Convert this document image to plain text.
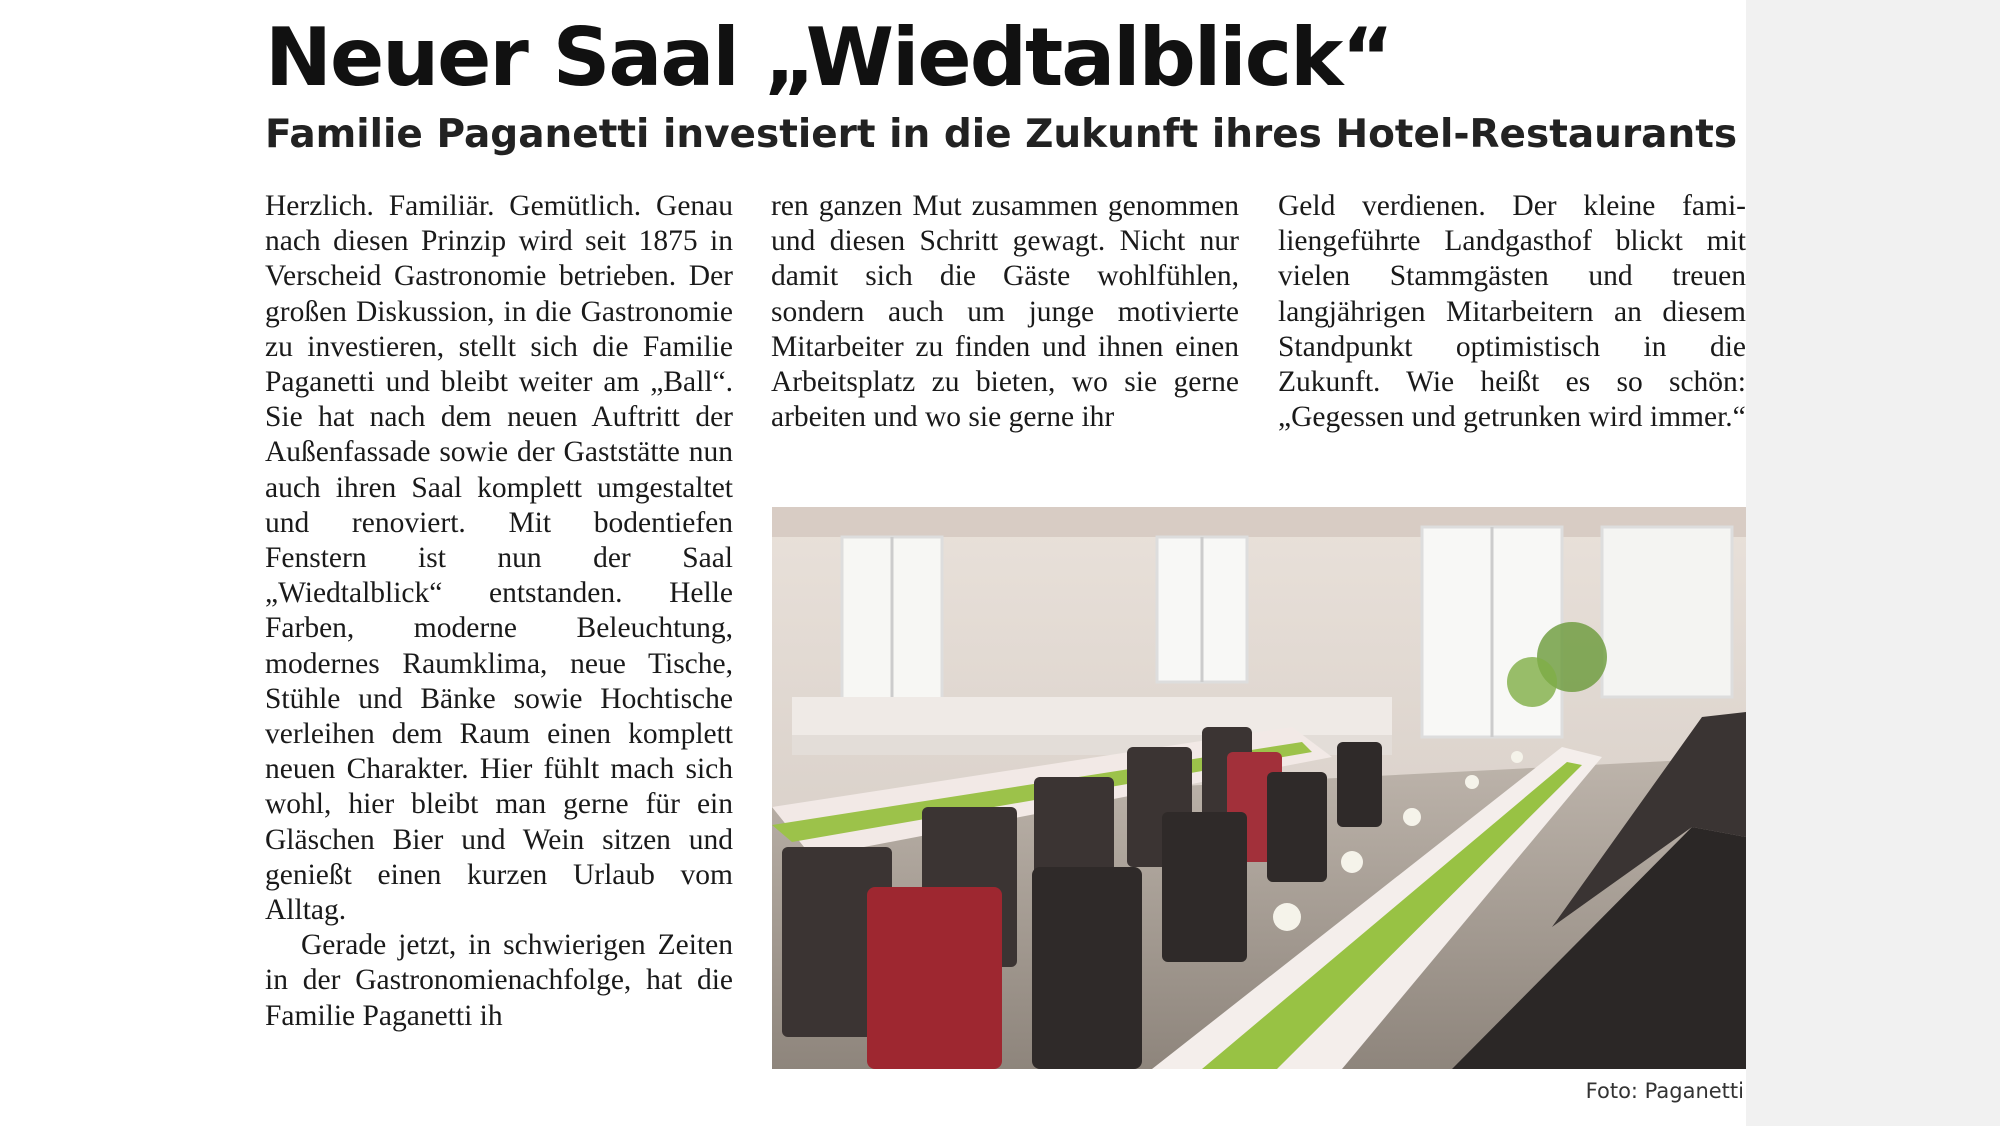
Neuer Saal „Wiedtalblick“
Familie Paganetti investiert in die Zukunft ihres Hotel-Restaurants

Herzlich. Familiär. Gemütlich. Genau nach diesen Prinzip wird seit 1875 in Verscheid Gastronomie betrieben. Der großen Diskussion, in die Gastronomie zu investieren, stellt sich die Familie Paganetti und bleibt weiter am „Ball“. Sie hat nach dem neuen Auftritt der Außenfassade sowie der Gaststätte nun auch ihren Saal komplett umgestaltet und renoviert. Mit bodentiefen Fenstern ist nun der Saal „Wiedtalblick“ entstanden. Helle Farben, moderne Beleuchtung, modernes Raumklima, neue Tische, Stühle und Bänke sowie Hochtische verleihen dem Raum einen komplett neuen Charakter. Hier fühlt mach sich wohl, hier bleibt man gerne für ein Gläschen Bier und Wein sitzen und genießt einen kurzen Urlaub vom Alltag.

Gerade jetzt, in schwierigen Zeiten in der Gastronomienachfolge, hat die Familie Paganetti ih

ren ganzen Mut zusammen genommen und diesen Schritt gewagt. Nicht nur damit sich die Gäste wohlfühlen, sondern auch um junge motivierte Mitarbeiter zu finden und ihnen einen Arbeitsplatz zu bieten, wo sie gerne arbeiten und wo sie gerne ihr

Geld verdienen. Der kleine familiengeführte Landgasthof blickt mit vielen Stammgästen und treuen langjährigen Mitarbeitern an diesem Standpunkt optimistisch in die Zukunft. Wie heißt es so schön: „Gegessen und getrunken wird immer.“

Foto: Paganetti
